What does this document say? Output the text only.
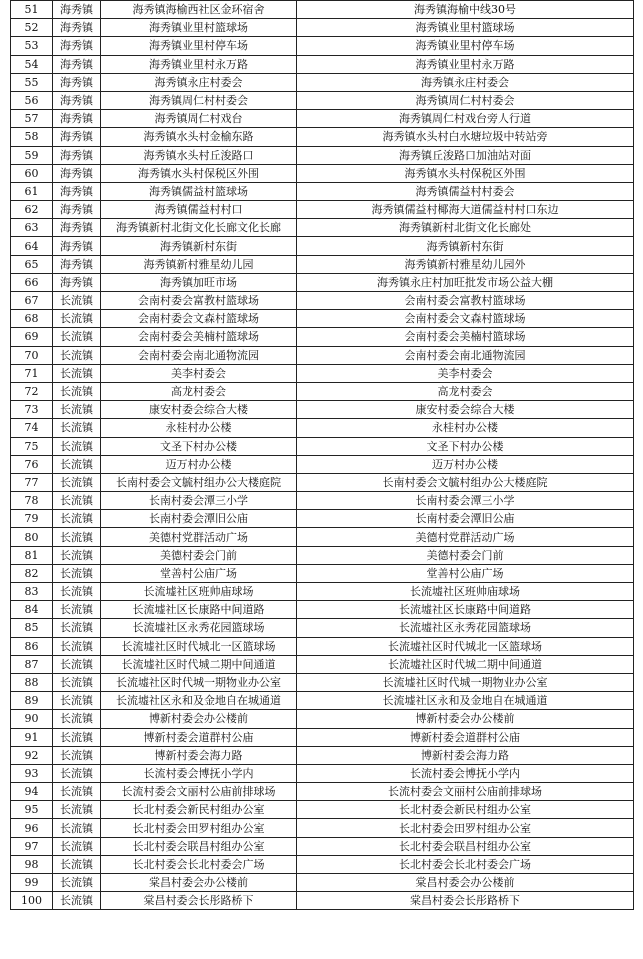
51	海秀镇	海秀镇海榆西社区金环宿舍	海秀镇海榆中线30号
52	海秀镇	海秀镇业里村篮球场	海秀镇业里村篮球场
53	海秀镇	海秀镇业里村停车场	海秀镇业里村停车场
54	海秀镇	海秀镇业里村永万路	海秀镇业里村永万路
55	海秀镇	海秀镇永庄村委会	海秀镇永庄村委会
56	海秀镇	海秀镇周仁村村委会	海秀镇周仁村村委会
57	海秀镇	海秀镇周仁村戏台	海秀镇周仁村戏台旁人行道
58	海秀镇	海秀镇水头村金榆东路	海秀镇水头村白水塘垃圾中转站旁
59	海秀镇	海秀镇水头村丘浚路口	海秀镇丘浚路口加油站对面
60	海秀镇	海秀镇水头村保税区外围	海秀镇水头村保税区外围
61	海秀镇	海秀镇儒益村篮球场	海秀镇儒益村村委会
62	海秀镇	海秀镇儒益村村口	海秀镇儒益村椰海大道儒益村村口东边
63	海秀镇	海秀镇新村北街文化长廊文化长廊	海秀镇新村北街文化长廊处
64	海秀镇	海秀镇新村东街	海秀镇新村东街
65	海秀镇	海秀镇新村雅星幼儿园	海秀镇新村雅星幼儿园外
66	海秀镇	海秀镇加旺市场	海秀镇永庄村加旺批发市场公益大棚
67	长流镇	会南村委会富教村篮球场	会南村委会富教村篮球场
68	长流镇	会南村委会文森村篮球场	会南村委会文森村篮球场
69	长流镇	会南村委会美楠村篮球场	会南村委会美楠村篮球场
70	长流镇	会南村委会南北通物流园	会南村委会南北通物流园
71	长流镇	美李村委会	美李村委会
72	长流镇	高龙村委会	高龙村委会
73	长流镇	康安村委会综合大楼	康安村委会综合大楼
74	长流镇	永桂村办公楼	永桂村办公楼
75	长流镇	文圣下村办公楼	文圣下村办公楼
76	长流镇	迈万村办公楼	迈万村办公楼
77	长流镇	长南村委会文毓村组办公大楼庭院	长南村委会文毓村组办公大楼庭院
78	长流镇	长南村委会潭三小学	长南村委会潭三小学
79	长流镇	长南村委会潭旧公庙	长南村委会潭旧公庙
80	长流镇	美德村党群活动广场	美德村党群活动广场
81	长流镇	美德村委会门前	美德村委会门前
82	长流镇	堂善村公庙广场	堂善村公庙广场
83	长流镇	长流墟社区班帅庙球场	长流墟社区班帅庙球场
84	长流镇	长流墟社区长康路中间道路	长流墟社区长康路中间道路
85	长流镇	长流墟社区永秀花园篮球场	长流墟社区永秀花园篮球场
86	长流镇	长流墟社区时代城北一区篮球场	长流墟社区时代城北一区篮球场
87	长流镇	长流墟社区时代城二期中间通道	长流墟社区时代城二期中间通道
88	长流镇	长流墟社区时代城一期物业办公室	长流墟社区时代城一期物业办公室
89	长流镇	长流墟社区永和及金地自在城通道	长流墟社区永和及金地自在城通道
90	长流镇	博新村委会办公楼前	博新村委会办公楼前
91	长流镇	博新村委会道群村公庙	博新村委会道群村公庙
92	长流镇	博新村委会海力路	博新村委会海力路
93	长流镇	长流村委会博抚小学内	长流村委会博抚小学内
94	长流镇	长流村委会文丽村公庙前排球场	长流村委会文丽村公庙前排球场
95	长流镇	长北村委会新民村组办公室	长北村委会新民村组办公室
96	长流镇	长北村委会田罗村组办公室	长北村委会田罗村组办公室
97	长流镇	长北村委会联昌村组办公室	长北村委会联昌村组办公室
98	长流镇	长北村委会长北村委会广场	长北村委会长北村委会广场
99	长流镇	棠昌村委会办公楼前	棠昌村委会办公楼前
100	长流镇	棠昌村委会长彤路桥下	棠昌村委会长彤路桥下
